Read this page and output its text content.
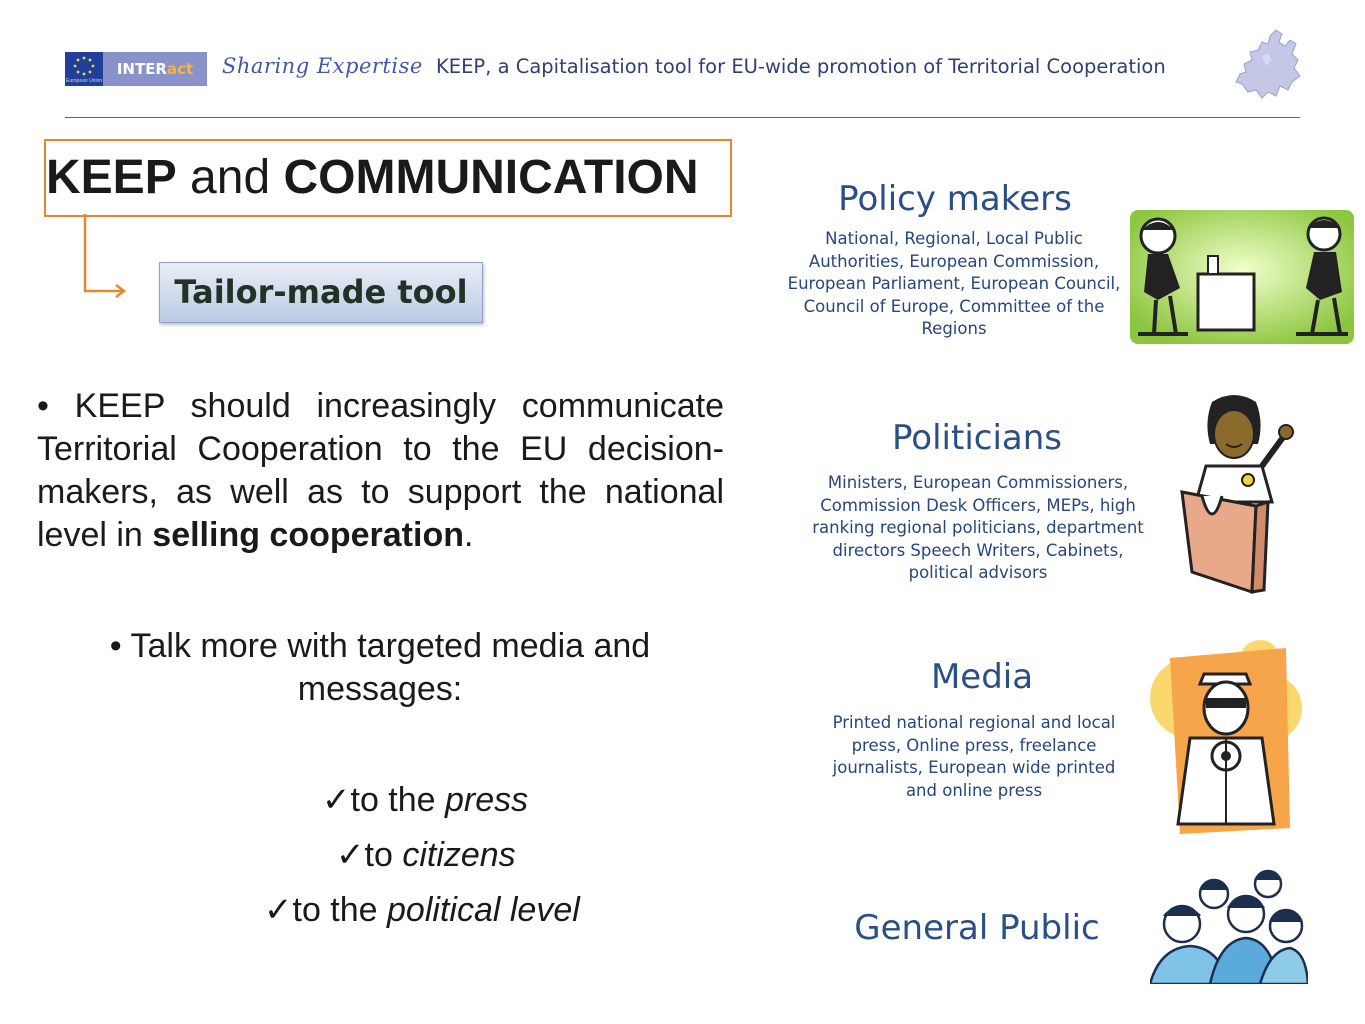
INTERact
European Union
Sharing Expertise KEEP, a Capitalisation tool for EU-wide promotion of Territorial Cooperation
KEEP and COMMUNICATION
Tailor-made tool
• KEEP should increasingly communicate Territorial Cooperation to the EU decision-makers, as well as to support the national level in selling cooperation.
• Talk more with targeted media and messages:
✓to the press
✓to citizens
✓to the political level
Policy makers
National, Regional, Local Public Authorities, European Commission, European Parliament, European Council, Council of Europe, Committee of the Regions
Politicians
Ministers, European Commissioners, Commission Desk Officers, MEPs, high ranking regional politicians, department directors Speech Writers, Cabinets, political advisors
Media
Printed national regional and local press, Online press, freelance journalists, European wide printed and online press
General Public
